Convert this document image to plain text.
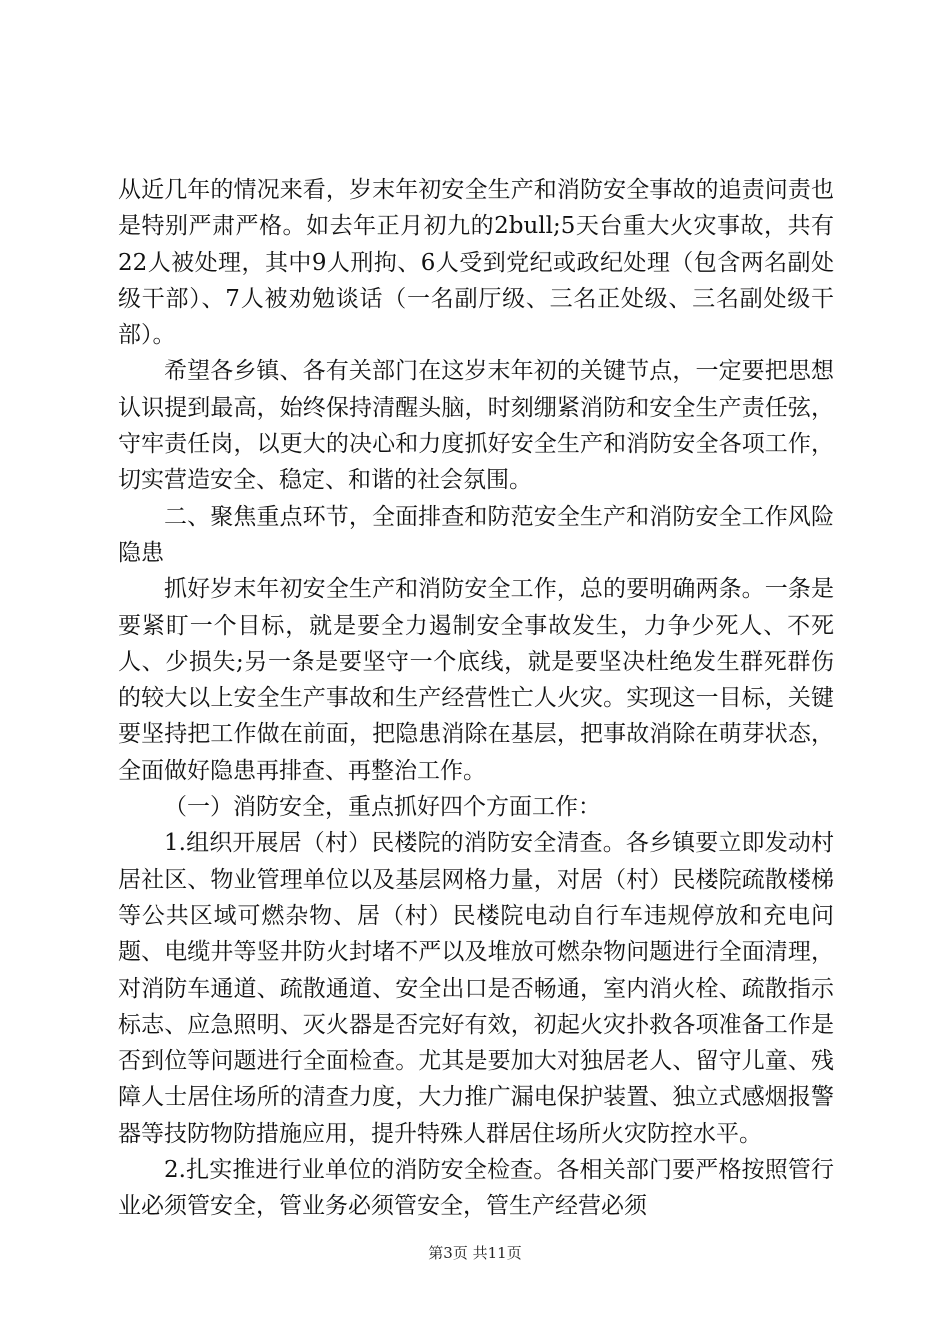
从近几年的情况来看，岁末年初安全生产和消防安全事故的追责问责也是特别严肃严格。如去年正月初九的2bull;5天台重大火灾事故，共有22人被处理，其中9人刑拘、6人受到党纪或政纪处理（包含两名副处级干部）、7人被劝勉谈话（一名副厅级、三名正处级、三名副处级干部）。

希望各乡镇、各有关部门在这岁末年初的关键节点，一定要把思想认识提到最高，始终保持清醒头脑，时刻绷紧消防和安全生产责任弦，守牢责任岗，以更大的决心和力度抓好安全生产和消防安全各项工作，切实营造安全、稳定、和谐的社会氛围。

二、聚焦重点环节，全面排查和防范安全生产和消防安全工作风险隐患

抓好岁末年初安全生产和消防安全工作，总的要明确两条。一条是要紧盯一个目标，就是要全力遏制安全事故发生，力争少死人、不死人、少损失;另一条是要坚守一个底线，就是要坚决杜绝发生群死群伤的较大以上安全生产事故和生产经营性亡人火灾。实现这一目标，关键要坚持把工作做在前面，把隐患消除在基层，把事故消除在萌芽状态，全面做好隐患再排查、再整治工作。

（一）消防安全，重点抓好四个方面工作：

1.组织开展居（村）民楼院的消防安全清查。各乡镇要立即发动村居社区、物业管理单位以及基层网格力量，对居（村）民楼院疏散楼梯等公共区域可燃杂物、居（村）民楼院电动自行车违规停放和充电问题、电缆井等竖井防火封堵不严以及堆放可燃杂物问题进行全面清理，对消防车通道、疏散通道、安全出口是否畅通，室内消火栓、疏散指示标志、应急照明、灭火器是否完好有效，初起火灾扑救各项准备工作是否到位等问题进行全面检查。尤其是要加大对独居老人、留守儿童、残障人士居住场所的清查力度，大力推广漏电保护装置、独立式感烟报警器等技防物防措施应用，提升特殊人群居住场所火灾防控水平。

2.扎实推进行业单位的消防安全检查。各相关部门要严格按照管行业必须管安全，管业务必须管安全，管生产经营必须

第3页 共11页
